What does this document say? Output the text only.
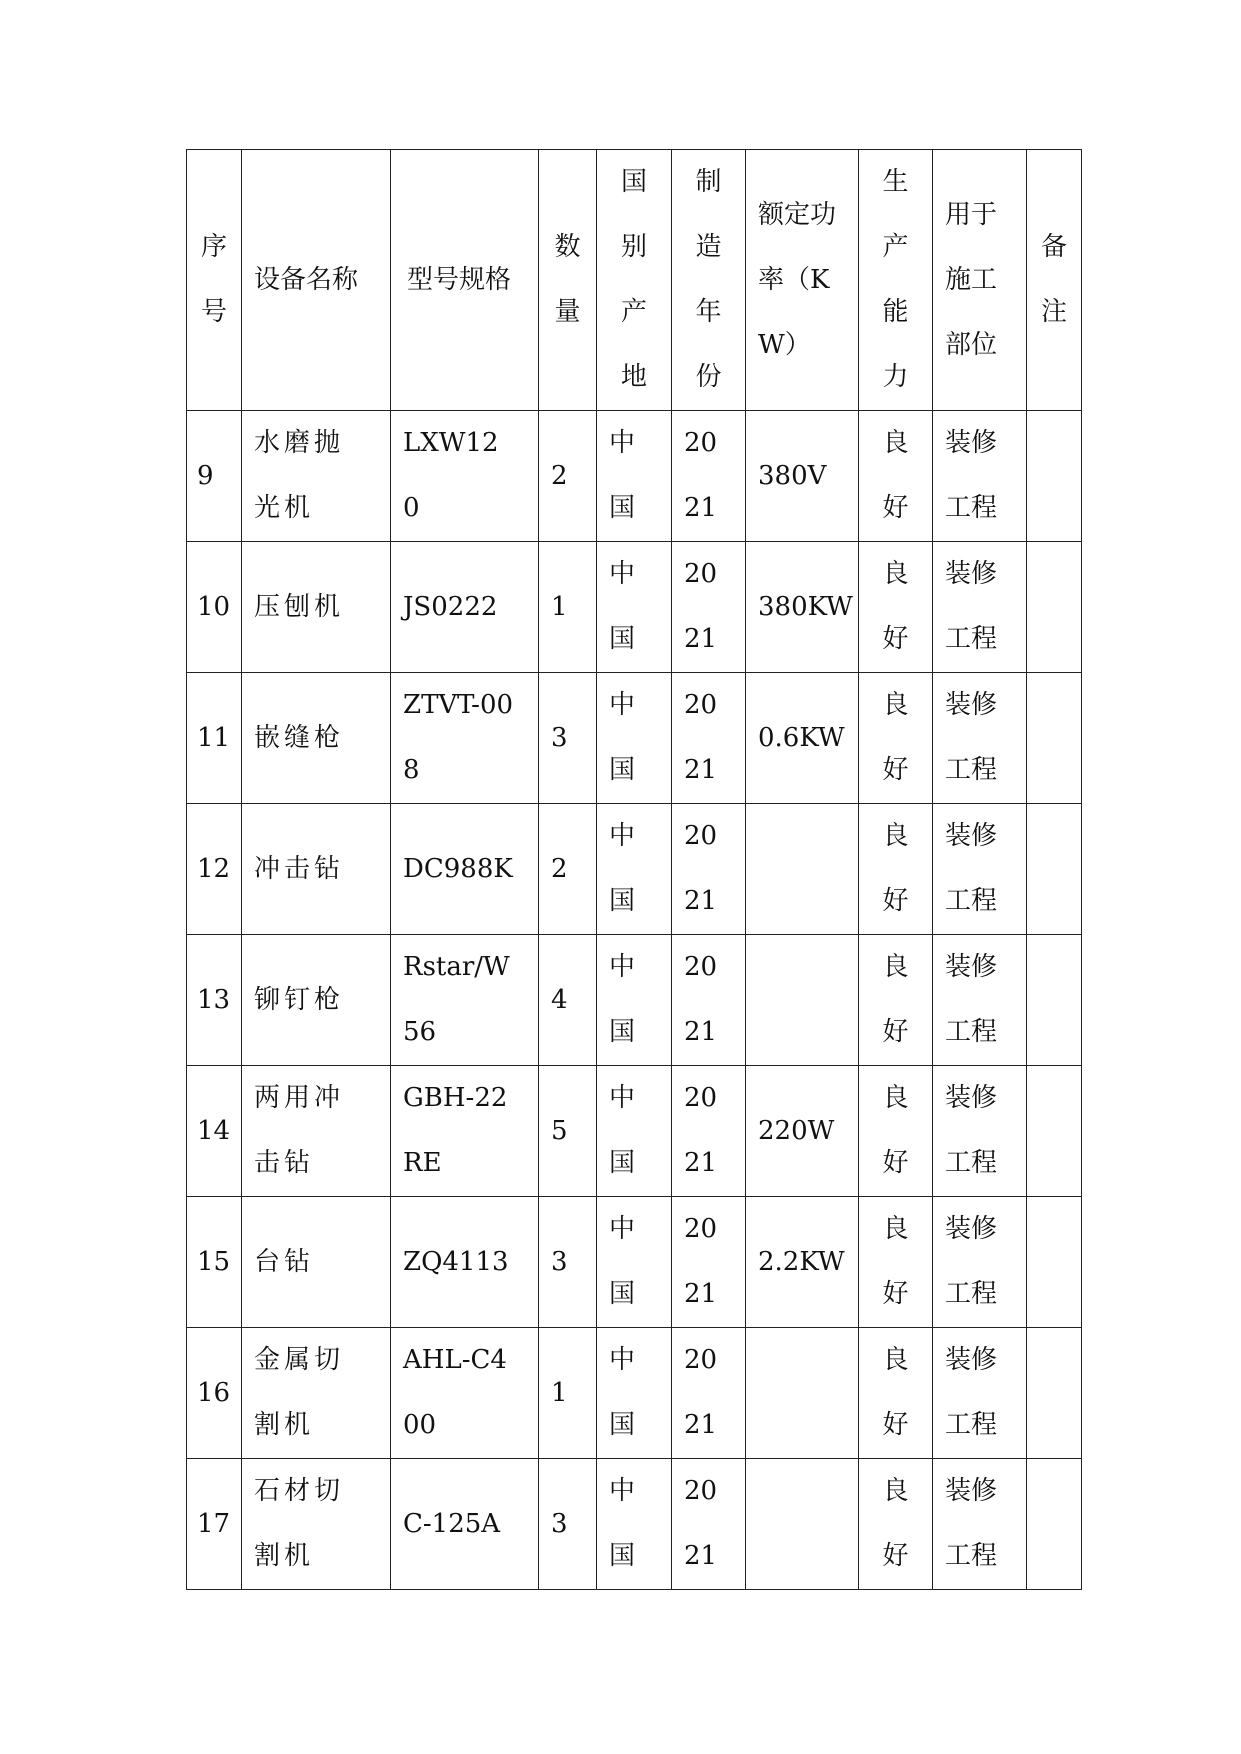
序号	设备名称	型号规格	数量	国别产地	制造年份	额定功率（KW）	生产能力	用于施工部位	备注

9	水磨抛光机	LXW120	2	中国	2021	380V	良好	装修工程	

10	压刨机	JS0222	1	中国	2021	380KW	良好	装修工程	

11	嵌缝枪	ZTVT-008	3	中国	2021	0.6KW	良好	装修工程	

12	冲击钻	DC988K	2	中国	2021		良好	装修工程	

13	铆钉枪	Rstar/W56	4	中国	2021		良好	装修工程	

14	两用冲击钻	GBH-22RE	5	中国	2021	220W	良好	装修工程	

15	台钻	ZQ4113	3	中国	2021	2.2KW	良好	装修工程	

16	金属切割机	AHL-C400	1	中国	2021		良好	装修工程	

17	石材切割机	C-125A	3	中国	2021		良好	装修工程	
